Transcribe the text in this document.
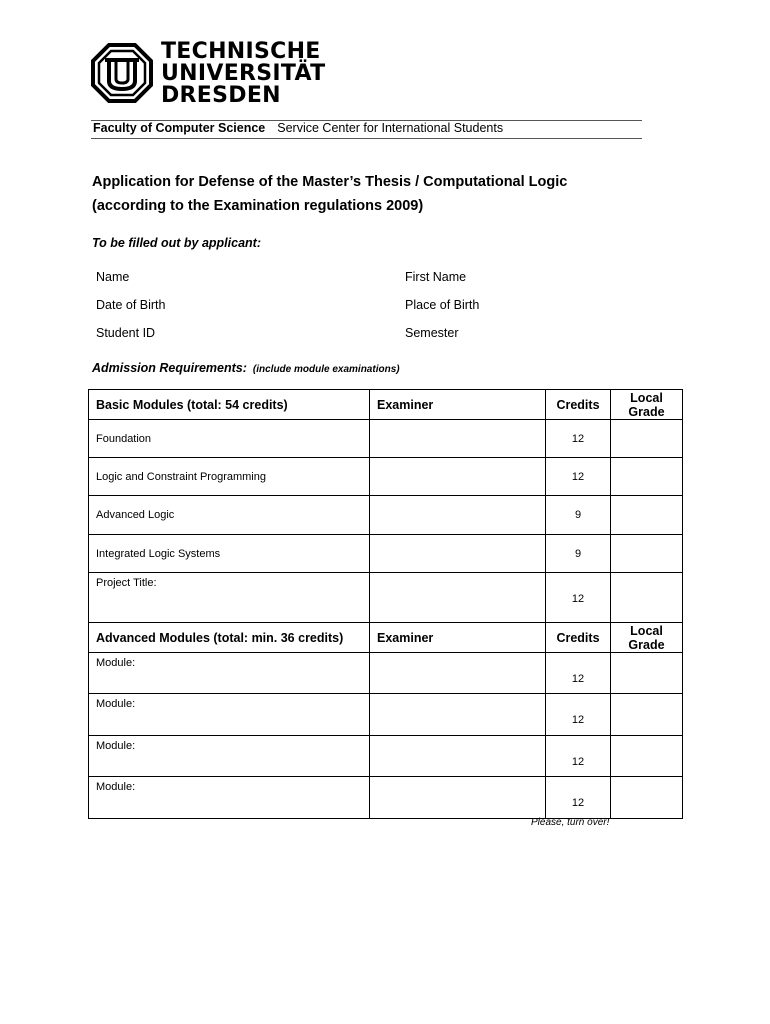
TECHNISCHE
UNIVERSITÄT
DRESDEN
Faculty of Computer Science Service Center for International Students
Application for Defense of the Master’s Thesis / Computational Logic
(according to the Examination regulations 2009)
To be filled out by applicant:
Name	First Name
Date of Birth	Place of Birth
Student ID	Semester
Admission Requirements: (include module examinations)
Basic Modules (total: 54 credits)	Examiner	Credits	Local
Grade

Foundation		12	
Logic and Constraint Programming		12	
Advanced Logic		9	
Integrated Logic Systems		9	
Project Title:		12	
Advanced Modules (total: min. 36 credits)	Examiner	Credits	Local
Grade

Module:		12	
Module:		12	
Module:		12	
Module:		12	
Please, turn over!
